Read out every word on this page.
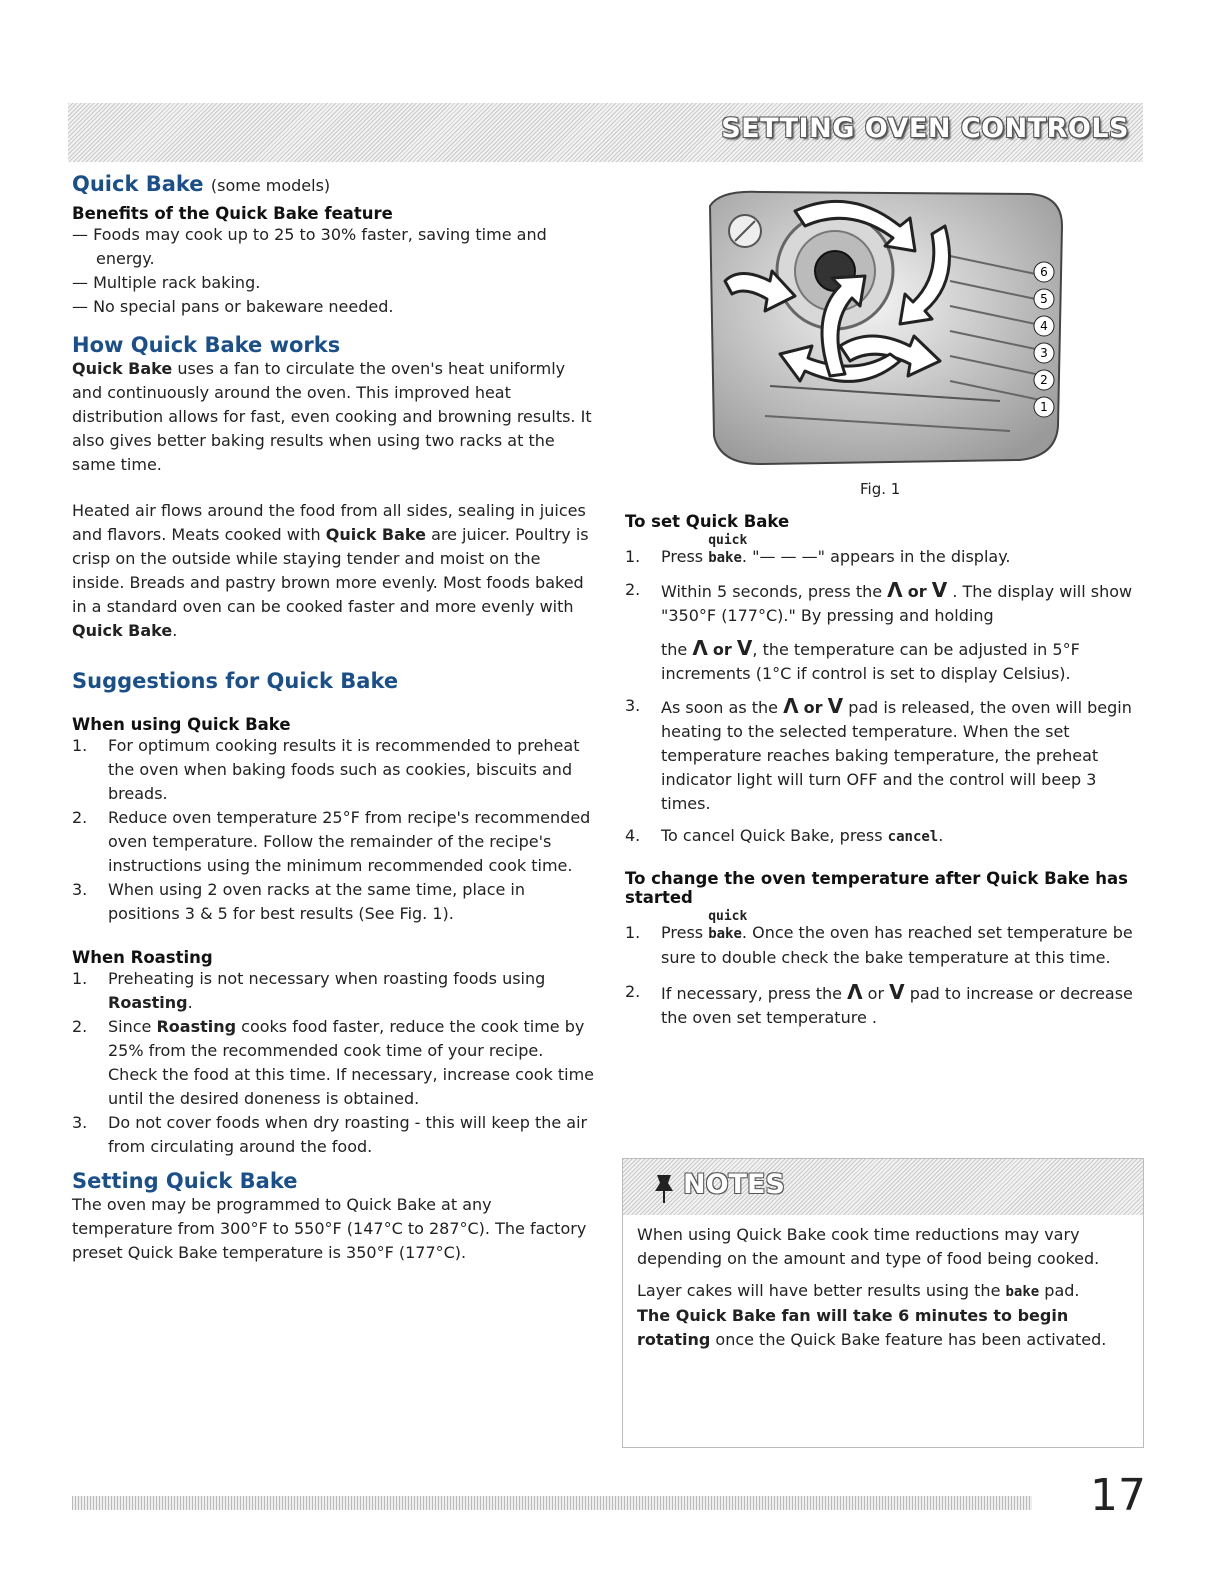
SETTING OVEN CONTROLS
Quick Bake (some models)
Benefits of the Quick Bake feature
— Foods may cook up to 25 to 30% faster, saving time and energy.
— Multiple rack baking.
— No special pans or bakeware needed.
How Quick Bake works

Quick Bake uses a fan to circulate the oven's heat uniformly and continuously around the oven. This improved heat distribution allows for fast, even cooking and browning results. It also gives better baking results when using two racks at the same time.

Heated air flows around the food from all sides, sealing in juices and flavors. Meats cooked with Quick Bake are juicer. Poultry is crisp on the outside while staying tender and moist on the inside. Breads and pastry brown more evenly. Most foods baked in a standard oven can be cooked faster and more evenly with Quick Bake.

Suggestions for Quick Bake
When using Quick Bake
1. For optimum cooking results it is recommended to preheat the oven when baking foods such as cookies, biscuits and breads.
2. Reduce oven temperature 25°F from recipe's recommended oven temperature. Follow the remainder of the recipe's instructions using the minimum recommended cook time.
3. When using 2 oven racks at the same time, place in positions 3 & 5 for best results (See Fig. 1).
When Roasting
1. Preheating is not necessary when roasting foods using Roasting.
2. Since Roasting cooks food faster, reduce the cook time by 25% from the recommended cook time of your recipe. Check the food at this time. If necessary, increase cook time until the desired doneness is obtained.
3. Do not cover foods when dry roasting - this will keep the air from circulating around the food.
Setting Quick Bake

The oven may be programmed to Quick Bake at any temperature from 300°F to 550°F (147°C to 287°C). The factory preset Quick Bake temperature is 350°F (177°C).

6
5
4
3
2
1
Fig. 1
To set Quick Bake
1. Press
quick
bake. "— — —" appears in the display.
2. Within 5 seconds, press the Λ or V . The display will show "350°F (177°C)." By pressing and holding
the Λ or V, the temperature can be adjusted in 5°F increments (1°C if control is set to display Celsius).
3. As soon as the Λ or V pad is released, the oven will begin heating to the selected temperature. When the set temperature reaches baking temperature, the preheat indicator light will turn OFF and the control will beep 3 times.
4. To cancel Quick Bake, press cancel.
To change the oven temperature after Quick Bake has started
1. Press
quick
bake. Once the oven has reached set temperature be sure to double check the bake temperature at this time.
2. If necessary, press the Λ or V pad to increase or decrease the oven set temperature .
NOTES

When using Quick Bake cook time reductions may vary depending on the amount and type of food being cooked.

Layer cakes will have better results using the bake pad.

The Quick Bake fan will take 6 minutes to begin rotating once the Quick Bake feature has been activated.

17
